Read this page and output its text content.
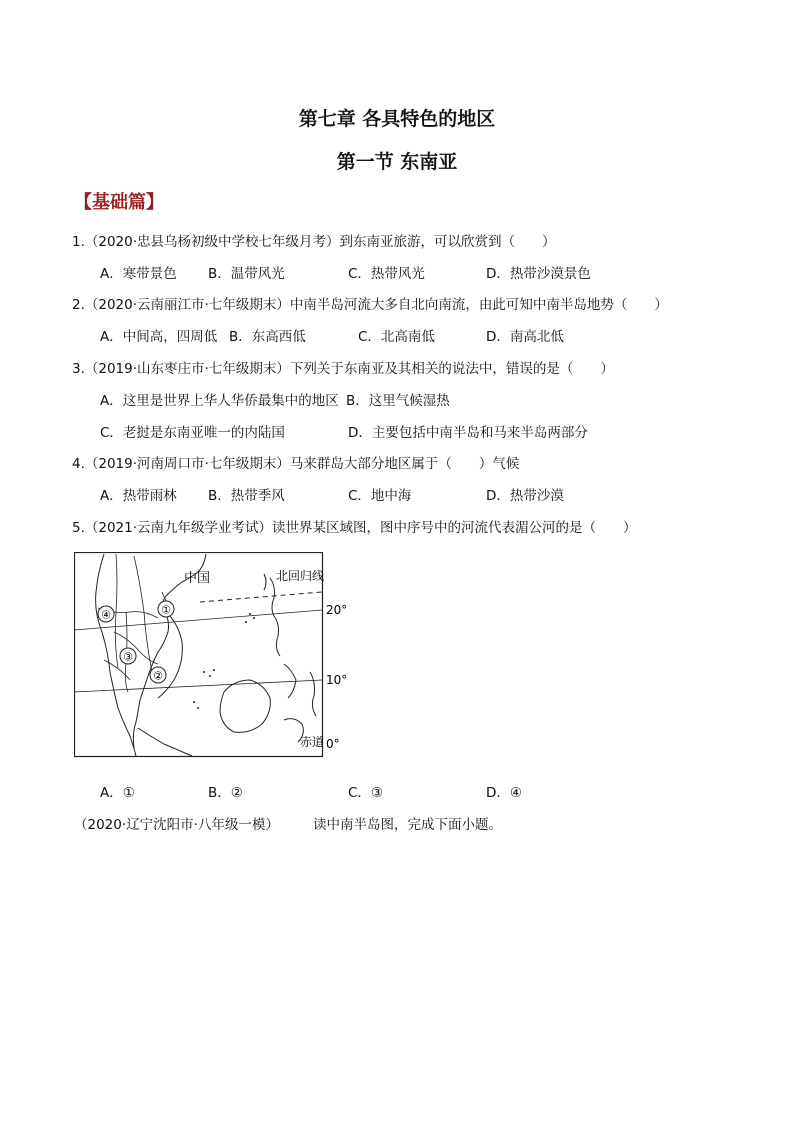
第七章 各具特色的地区
第一节 东南亚
【基础篇】
1.（2020·忠县乌杨初级中学校七年级月考）到东南亚旅游，可以欣赏到（　　）
A．寒带景色 B．温带风光	C．热带风光	D．热带沙漠景色
2.（2020·云南丽江市·七年级期末）中南半岛河流大多自北向南流，由此可知中南半岛地势（　　）
A．中间高，四周低 B．东高西低	C．北高南低	D．南高北低
3.（2019·山东枣庄市·七年级期末）下列关于东南亚及其相关的说法中，错误的是（　　）
A．这里是世界上华人华侨最集中的地区 B．这里气候湿热
C．老挝是东南亚唯一的内陆国	D．主要包括中南半岛和马来半岛两部分
4.（2019·河南周口市·七年级期末）马来群岛大部分地区属于（　　）气候
A．热带雨林 B．热带季风	C．地中海	D．热带沙漠
5.（2021·云南九年级学业考试）读世界某区域图，图中序号中的河流代表湄公河的是（　　）
①
②
③
④
中国	北回归线
赤道
20°
10°
0°
A．①	B．②	C．③	D．④
（2020·辽宁沈阳市·八年级一模）	读中南半岛图，完成下面小题。
